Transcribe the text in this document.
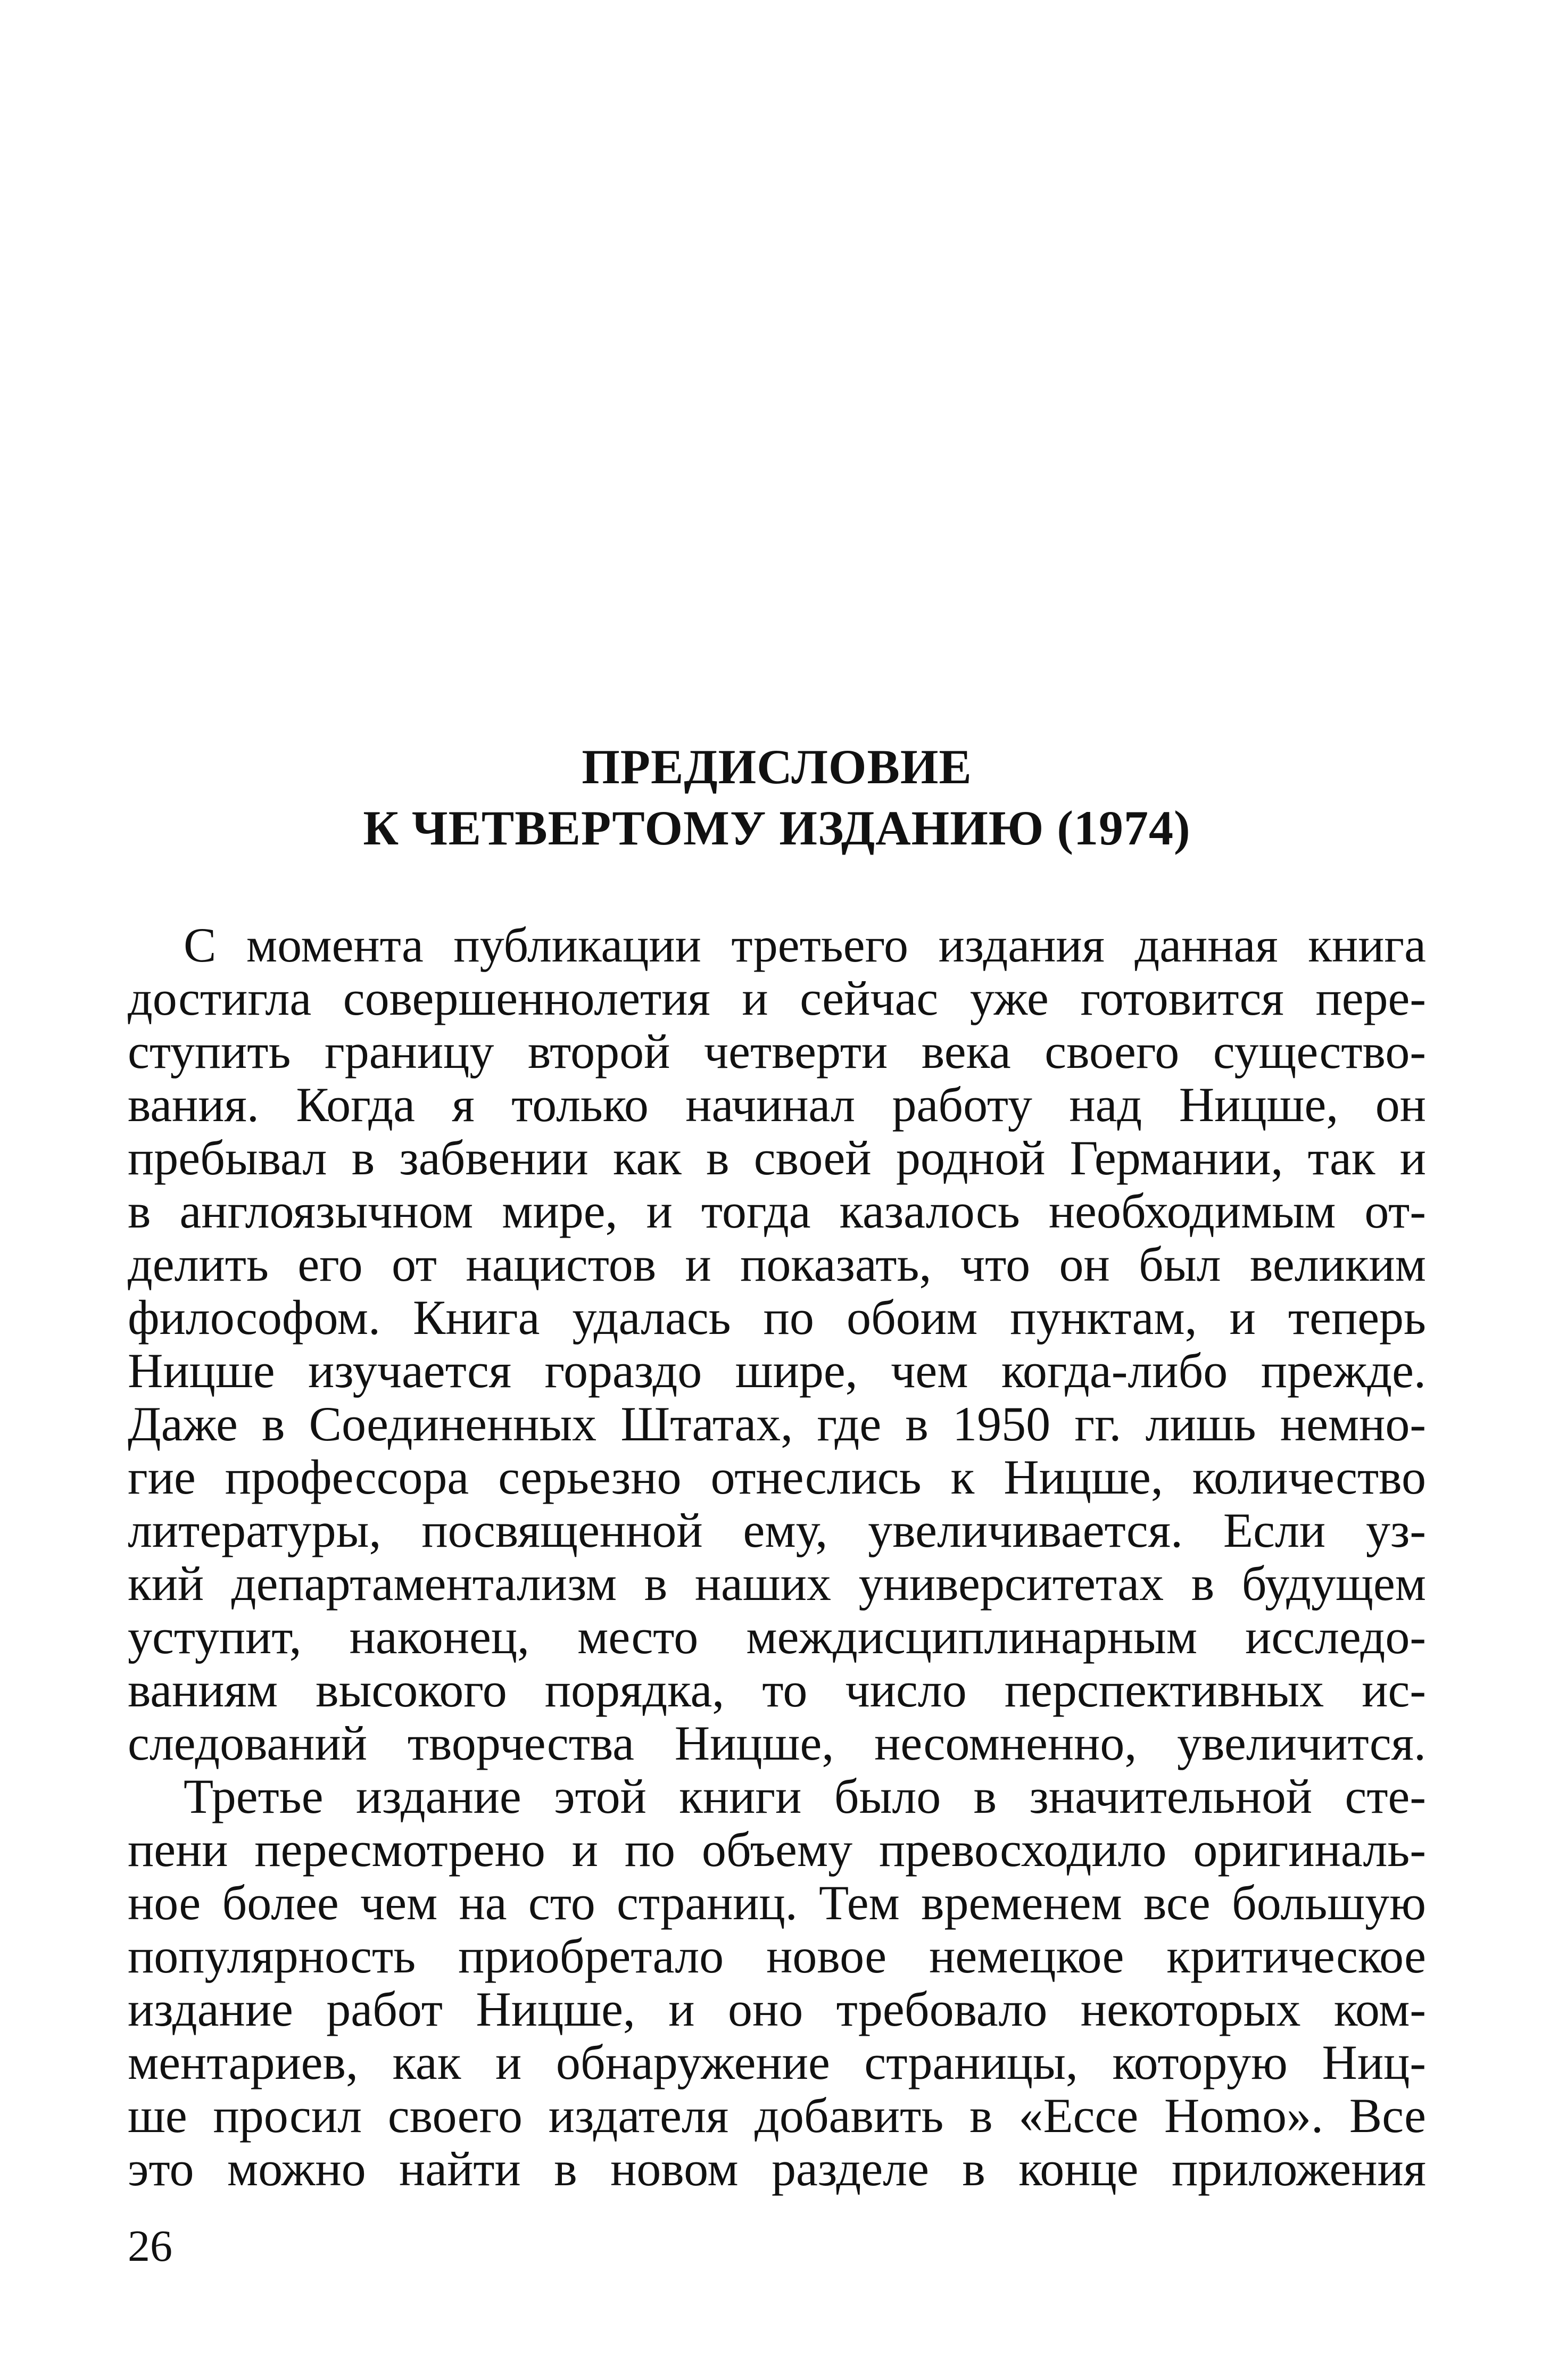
ПРЕДИСЛОВИЕ
К ЧЕТВЕРТОМУ ИЗДАНИЮ (1974)
С момента публикации третьего издания данная книга
достигла совершеннолетия и сейчас уже готовится пере-
ступить границу второй четверти века своего существо-
вания. Когда я только начинал работу над Ницше, он
пребывал в забвении как в своей родной Германии, так и
в англоязычном мире, и тогда казалось необходимым от-
делить его от нацистов и показать, что он был великим
философом. Книга удалась по обоим пунктам, и теперь
Ницше изучается гораздо шире, чем когда-либо прежде.
Даже в Соединенных Штатах, где в 1950 гг. лишь немно-
гие профессора серьезно отнеслись к Ницше, количество
литературы, посвященной ему, увеличивается. Если уз-
кий департаментализм в наших университетах в будущем
уступит, наконец, место междисциплинарным исследо-
ваниям высокого порядка, то число перспективных ис-
следований творчества Ницше, несомненно, увеличится.
Третье издание этой книги было в значительной сте-
пени пересмотрено и по объему превосходило оригиналь-
ное более чем на сто страниц. Тем временем все большую
популярность приобретало новое немецкое критическое
издание работ Ницше, и оно требовало некоторых ком-
ментариев, как и обнаружение страницы, которую Ниц-
ше просил своего издателя добавить в «Ecce Homo». Все
это можно найти в новом разделе в конце приложения
26
